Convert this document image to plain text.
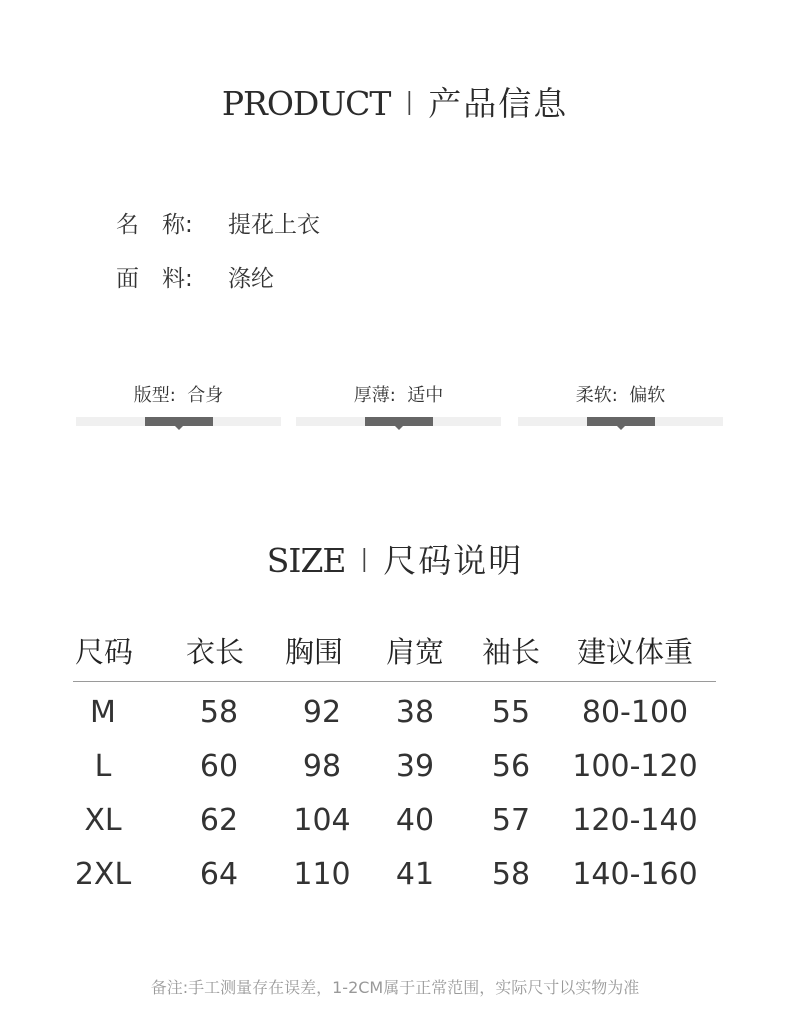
PRODUCT I 产品信息
名　称: 提花上衣
面　料: 涤纶
版型: 合身	厚薄: 适中	柔软: 偏软
SIZE I 尺码说明
尺码	衣长	胸围	肩宽	袖长	建议体重
M	58	92	38	55	80-100
L	60	98	39	56	100-120
XL	62	104	40	57	120-140
2XL	64	110	41	58	140-160
备注:手工测量存在误差，1-2CM属于正常范围，实际尺寸以实物为准
